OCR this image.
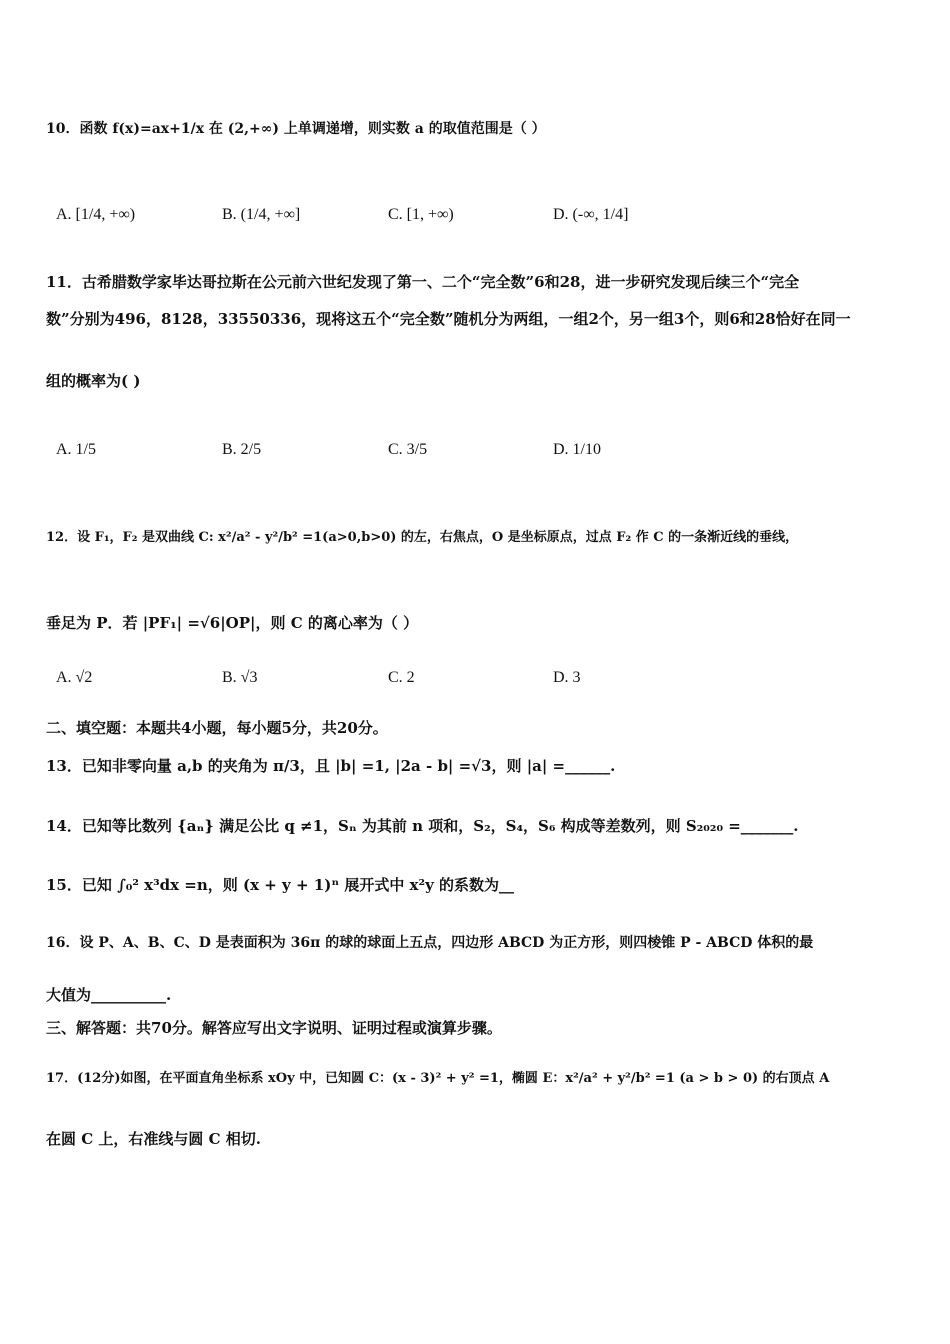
10．函数 f(x)=ax+1/x 在 (2,+∞) 上单调递增，则实数 a 的取值范围是（ ）
A. [1/4, +∞)	B. (1/4, +∞]	C. [1, +∞)	D. (-∞, 1/4]
11．古希腊数学家毕达哥拉斯在公元前六世纪发现了第一、二个“完全数”6和28，进一步研究发现后续三个“完全
数”分别为496，8128，33550336，现将这五个“完全数”随机分为两组，一组2个，另一组3个，则6和28恰好在同一
组的概率为( )
A. 1/5	B. 2/5	C. 3/5	D. 1/10
12．设 F₁，F₂ 是双曲线 C: x²/a² - y²/b² =1(a>0,b>0) 的左，右焦点，O 是坐标原点，过点 F₂ 作 C 的一条渐近线的垂线，
垂足为 P．若 |PF₁| =√6|OP|，则 C 的离心率为（ ）
A. √2	B. √3	C. 2	D. 3
二、填空题：本题共4小题，每小题5分，共20分。
13．已知非零向量 a,b 的夹角为 π/3，且 |b| =1, |2a - b| =√3，则 |a| =______.
14．已知等比数列 {aₙ} 满足公比 q ≠1，Sₙ 为其前 n 项和，S₂，S₄，S₆ 构成等差数列，则 S₂₀₂₀ =_______.
15．已知 ∫₀² x³dx =n，则 (x + y + 1)ⁿ 展开式中 x²y 的系数为__
16．设 P、A、B、C、D 是表面积为 36π 的球的球面上五点，四边形 ABCD 为正方形，则四棱锥 P - ABCD 体积的最
大值为__________.
三、解答题：共70分。解答应写出文字说明、证明过程或演算步骤。
17．(12分)如图，在平面直角坐标系 xOy 中，已知圆 C：(x - 3)² + y² =1，椭圆 E：x²/a² + y²/b² =1 (a > b > 0) 的右顶点 A
在圆 C 上，右准线与圆 C 相切.
